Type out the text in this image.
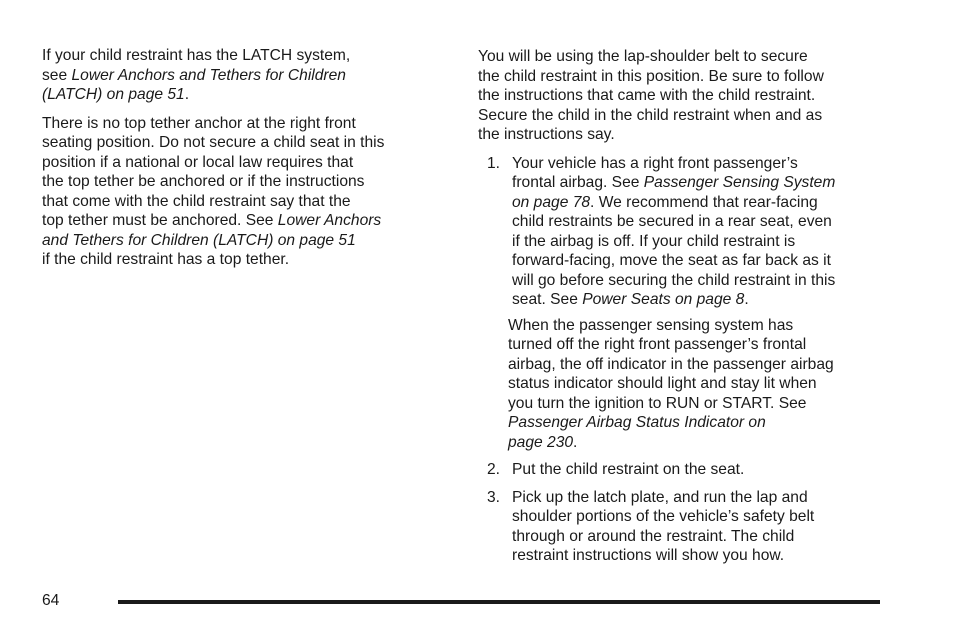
If your child restraint has the LATCH system,
see Lower Anchors and Tethers for Children
(LATCH) on page 51.
There is no top tether anchor at the right front
seating position. Do not secure a child seat in this
position if a national or local law requires that
the top tether be anchored or if the instructions
that come with the child restraint say that the
top tether must be anchored. See Lower Anchors
and Tethers for Children (LATCH) on page 51
if the child restraint has a top tether.
You will be using the lap-shoulder belt to secure
the child restraint in this position. Be sure to follow
the instructions that came with the child restraint.
Secure the child in the child restraint when and as
the instructions say.
1. Your vehicle has a right front passenger’s
frontal airbag. See Passenger Sensing System
on page 78. We recommend that rear-facing
child restraints be secured in a rear seat, even
if the airbag is off. If your child restraint is
forward-facing, move the seat as far back as it
will go before securing the child restraint in this
seat. See Power Seats on page 8.
When the passenger sensing system has
turned off the right front passenger’s frontal
airbag, the off indicator in the passenger airbag
status indicator should light and stay lit when
you turn the ignition to RUN or START. See
Passenger Airbag Status Indicator on
page 230.
2. Put the child restraint on the seat.
3. Pick up the latch plate, and run the lap and
shoulder portions of the vehicle’s safety belt
through or around the restraint. The child
restraint instructions will show you how.
64
